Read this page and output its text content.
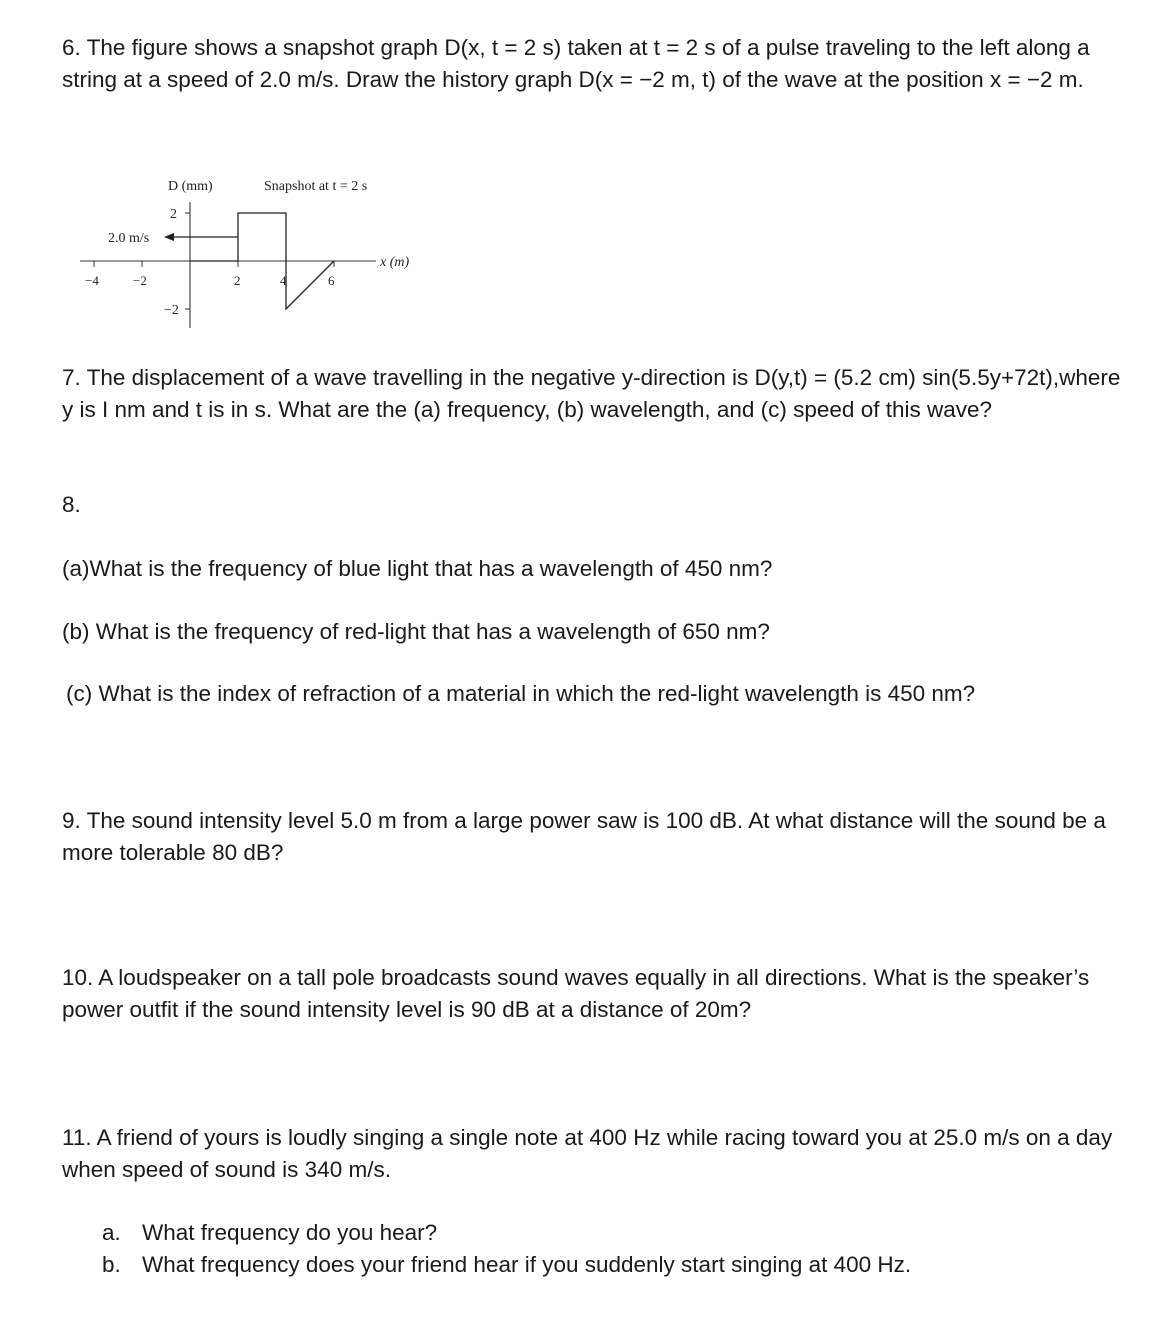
6. The figure shows a snapshot graph D(x, t = 2 s) taken at t = 2 s of a pulse traveling to the left along a string at a speed of 2.0 m/s. Draw the history graph D(x = −2 m, t) of the wave at the position x = −2 m.

D (mm)	Snapshot at t = 2 s
2.0 m/s
x (m)
2
−2
−4	−2	2	4	6

7. The displacement of a wave travelling in the negative y-direction is D(y,t) = (5.2 cm) sin(5.5y+72t),where y is I nm and t is in s. What are the (a) frequency, (b) wavelength, and (c) speed of this wave?

8.

(a)What is the frequency of blue light that has a wavelength of 450 nm?

(b) What is the frequency of red-light that has a wavelength of 650 nm?

(c) What is the index of refraction of a material in which the red-light wavelength is 450 nm?

9. The sound intensity level 5.0 m from a large power saw is 100 dB. At what distance will the sound be a more tolerable 80 dB?

10. A loudspeaker on a tall pole broadcasts sound waves equally in all directions. What is the speaker’s power outfit if the sound intensity level is 90 dB at a distance of 20m?

11. A friend of yours is loudly singing a single note at 400 Hz while racing toward you at 25.0 m/s on a day when speed of sound is 340 m/s.

a. What frequency do you hear?
b. What frequency does your friend hear if you suddenly start singing at 400 Hz.
